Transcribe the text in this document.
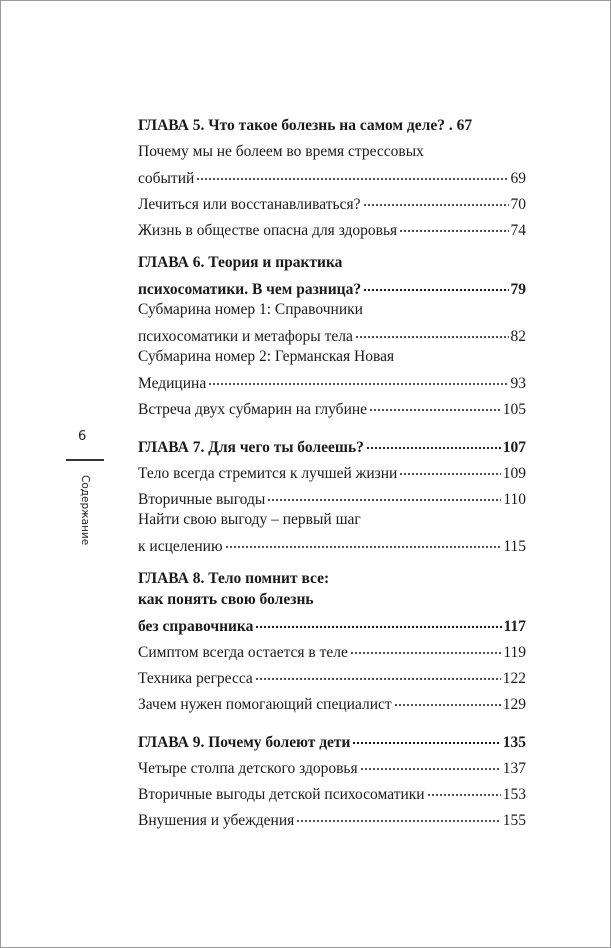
6
Содержание
ГЛАВА 5. Что такое болезнь на самом деле? . 67
Почему мы не болеем во время стрессовых
событий	69
Лечиться или восстанавливаться?	70
Жизнь в обществе опасна для здоровья	74
ГЛАВА 6. Теория и практика
психосоматики. В чем разница?	79
Субмарина номер 1: Справочники
психосоматики и метафоры тела	82
Субмарина номер 2: Германская Новая
Медицина	93
Встреча двух субмарин на глубине	105
ГЛАВА 7. Для чего ты болеешь?	107
Тело всегда стремится к лучшей жизни	109
Вторичные выгоды	110
Найти свою выгоду – первый шаг
к исцелению	115
ГЛАВА 8. Тело помнит все:
как понять свою болезнь
без справочника	117
Симптом всегда остается в теле	119
Техника регресса	122
Зачем нужен помогающий специалист	129
ГЛАВА 9. Почему болеют дети	135
Четыре столпа детского здоровья	137
Вторичные выгоды детской психосоматики	153
Внушения и убеждения	155
